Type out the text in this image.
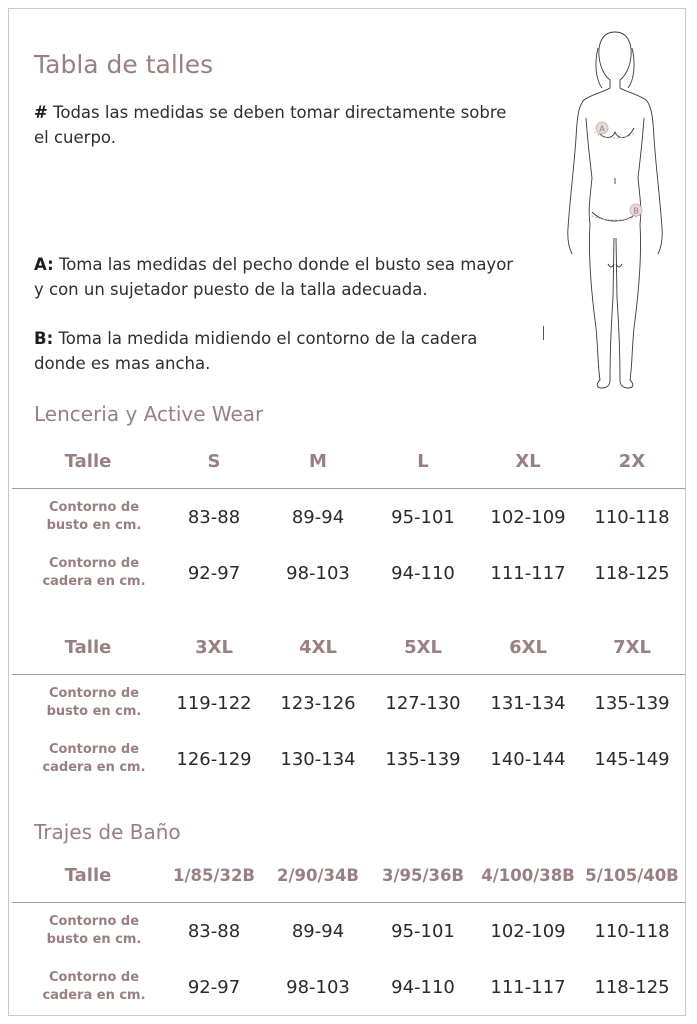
Tabla de talles

# Todas las medidas se deben tomar directamente sobre el cuerpo.

A: Toma las medidas del pecho donde el busto sea mayor y con un sujetador puesto de la talla adecuada.

B: Toma la medida midiendo el contorno de la cadera donde es mas ancha.

A
B
Lenceria y Active Wear
Trajes de Baño
Talle	S	M	L	XL	2X
Contorno de busto en cm.	83-88	89-94	95-101 102-109 110-118
Contorno de cadera en cm.	92-97	98-103 94-110 111-117 118-125
Talle	3XL	4XL	5XL	6XL	7XL
Contorno de busto en cm.	119-122 123-126 127-130 131-134 135-139
Contorno de cadera en cm.	126-129 130-134 135-139 140-144 145-149
Talle	1/85/32B 2/90/34B 3/95/36B 4/100/38B 5/105/40B
Contorno de busto en cm.	83-88	89-94	95-101 102-109 110-118
Contorno de cadera en cm.	92-97	98-103 94-110 111-117 118-125
